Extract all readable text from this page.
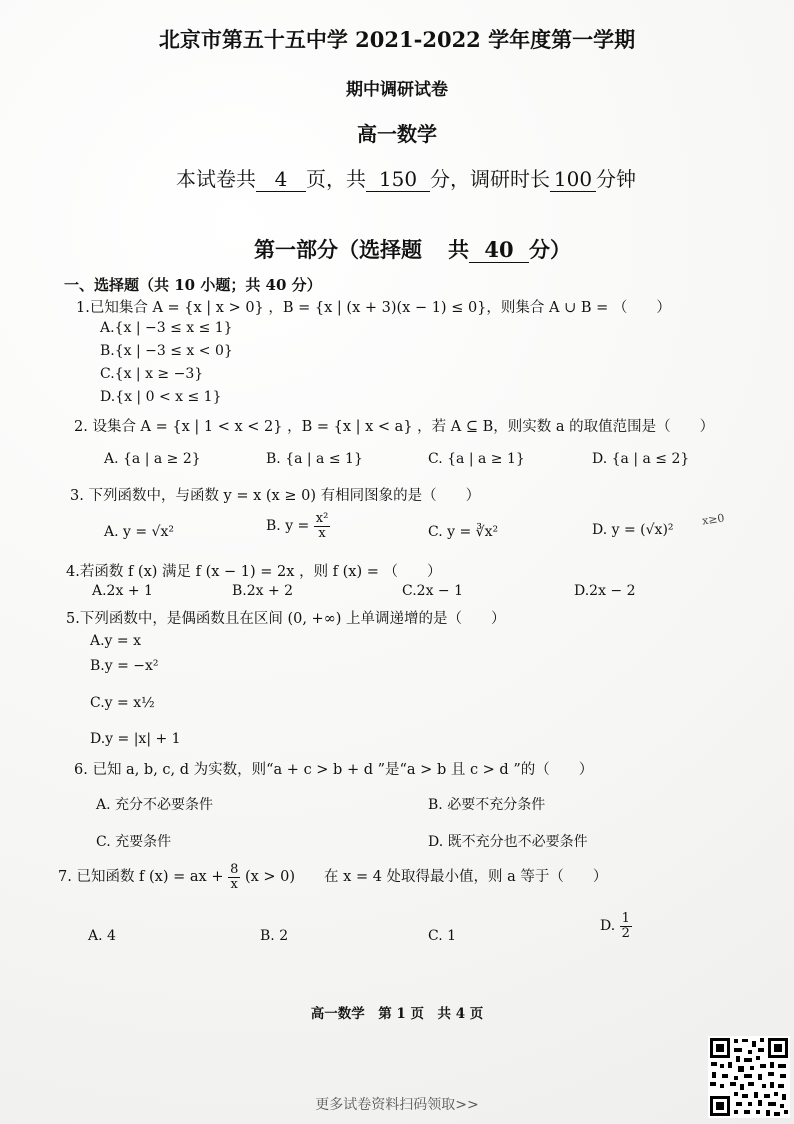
北京市第五十五中学 2021-2022 学年度第一学期
期中调研试卷
高一数学
本试卷共 4 页，共 150 分，调研时长 100 分钟
第一部分（选择题 共 40 分）
一、选择题（共 10 小题；共 40 分）
1.已知集合 A = {x | x > 0} ，B = {x | (x + 3)(x − 1) ≤ 0}，则集合 A ∪ B = （　　）
A.{x | −3 ≤ x ≤ 1}
B.{x | −3 ≤ x < 0}
C.{x | x ≥ −3}
D.{x | 0 < x ≤ 1}
2. 设集合 A = {x | 1 < x < 2} ，B = {x | x < a} ，若 A ⊆ B，则实数 a 的取值范围是（　　）
A. {a | a ≥ 2}	B. {a | a ≤ 1}	C. {a | a ≥ 1}	D. {a | a ≤ 2}
3. 下列函数中，与函数 y = x (x ≥ 0) 有相同图象的是（　　）
A. y = √x²	B. $y = \frac{\text{x²}}{x}$	C. y = ∛x²	D. y = (√x)²
x≥0
4.若函数 f (x) 满足 f (x − 1) = 2x ，则 f (x) = （　　）
A.2x + 1	B.2x + 2	C.2x − 1	D.2x − 2
5.下列函数中，是偶函数且在区间 (0, +∞) 上单调递增的是（　　）
A.y = x
B.y = −x²
C.y = x½
D.y = |x| + 1
6. 已知 a, b, c, d 为实数，则“a + c > b + d ”是“a > b 且 c > d ”的（　　）
A. 充分不必要条件	B. 必要不充分条件
C. 充要条件	D. 既不充分也不必要条件
7. 已知函数 f (x) = ax + $\frac{8}{x} (x > 0)$　　在 x = 4 处取得最小值，则 a 等于（　　）
A. 4	B. 2	C. 1
D. $\frac{1}{2}$
高一数学　第 1 页　共 4 页
更多试卷资料扫码领取>>
